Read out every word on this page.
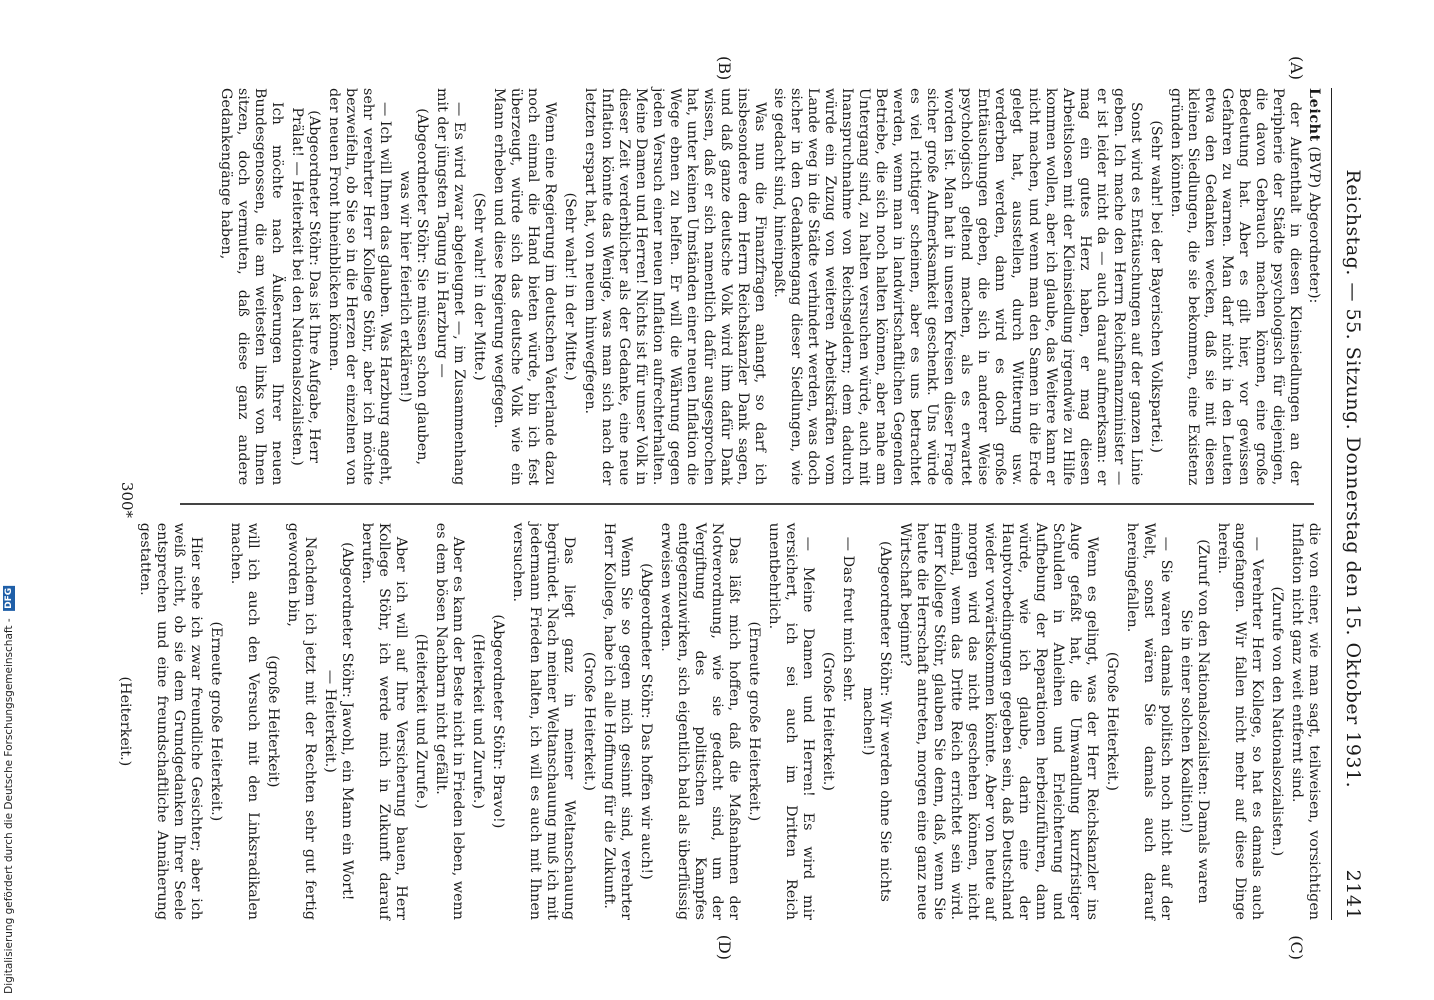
Reichstag. — 55. Sitzung. Donnerstag den 15. Oktober 1931.
2141
(A)
(B)
(C)
(D)

Leicht (BVP) Abgeordneter):

der Aufenthalt in diesen Kleinsiedlungen an der Peripherie der Städte psychologisch für diejenigen, die davon Gebrauch machen können, eine große Bedeutung hat. Aber es gilt hier, vor gewissen Gefahren zu warnen. Man darf nicht in den Leuten etwa den Gedanken wecken, daß sie mit diesen kleinen Siedlungen, die sie bekommen, eine Existenz gründen könnten.

(Sehr wahr! bei der Bayerischen Volkspartei.)

Sonst wird es Enttäuschungen auf der ganzen Linie geben. Ich mache den Herrn Reichsfinanzminister — er ist leider nicht da — auch darauf aufmerksam: er mag ein gutes Herz haben, er mag diesen Arbeitslosen mit der Kleinsiedlung irgendwie zu Hilfe kommen wollen, aber ich glaube, das Weitere kann er nicht machen, und wenn man den Samen in die Erde gelegt hat, ausstellen, durch Witterung usw. verderben werden, dann wird es doch große Enttäuschungen geben, die sich in anderer Weise psychologisch geltend machen, als es erwartet worden ist. Man hat in unseren Kreisen dieser Frage sicher große Aufmerksamkeit geschenkt. Uns würde es viel richtiger scheinen, aber es uns betrachtet werden, wenn man in landwirtschaftlichen Gegenden Betriebe, die sich noch halten können, aber nahe am Untergang sind, zu halten versuchen würde, auch mit Inanspruchnahme von Reichsgeldern; dem dadurch würde ein Zuzug von weiteren Arbeitskräften vom Lande weg in die Städte verhindert werden, was doch sicher in den Gedankengang dieser Siedlungen, wie sie gedacht sind, hineinpaßt.

Was nun die Finanzfragen anlangt, so darf ich insbesondere dem Herrn Reichskanzler Dank sagen, und daß ganze deutsche Volk wird ihm dafür Dank wissen, daß er sich namentlich dafür ausgesprochen hat, unter keinen Umständen einer neuen Inflation die Wege ebnen zu helfen. Er will die Währung gegen jeden Versuch einer neuen Inflation aufrechterhalten. Meine Damen und Herren! Nichts ist für unser Volk in dieser Zeit verderblicher als der Gedanke, eine neue Inflation könnte das Wenige, was man sich nach der letzten erspart hat, von neuem hinwegfegen.

(Sehr wahr! in der Mitte.)

Wenn eine Regierung im deutschen Vaterlande dazu noch einmal die Hand bieten würde, bin ich fest überzeugt, würde sich das deutsche Volk wie ein Mann erheben und diese Regierung wegfegen.

(Sehr wahr! in der Mitte.)

— Es wird zwar abgeleugnet —, im Zusammenhang mit der jüngsten Tagung in Harzburg —

(Abgeordneter Stöhr: Sie müssen schon glauben, was wir hier feierlich erklären!)

— Ich will Ihnen das glauben. Was Harzburg angeht, sehr verehrter Herr Kollege Stöhr, aber ich möchte bezweifeln, ob Sie so in die Herzen der einzelnen von der neuen Front hineinblicken können.

(Abgeordneter Stöhr: Das ist Ihre Aufgabe, Herr Prälat! — Heiterkeit bei den Nationalsozialisten.)

Ich möchte nach Äußerungen Ihrer neuen Bundesgenossen, die am weitesten links von Ihnen sitzen, doch vermuten, daß diese ganz andere Gedankengänge haben,

die von einer, wie man sagt, teilweisen, vorsichtigen Inflation nicht ganz weit entfernt sind.

(Zurufe von den Nationalsozialisten.)

— Verehrter Herr Kollege, so hat es damals auch angefangen. Wir fallen nicht mehr auf diese Dinge herein.

(Zuruf von den Nationalsozialisten: Damals waren Sie in einer solchen Koalition!)

— Sie waren damals politisch noch nicht auf der Welt, sonst wären Sie damals auch darauf hereingefallen.

(Große Heiterkeit.)

Wenn es gelingt, was der Herr Reichskanzler ins Auge gefaßt hat, die Umwandlung kurzfristiger Schulden in Anleihen und Erleichterung und Aufhebung der Reparationen herbeizuführen, dann würde, wie ich glaube, darin eine der Hauptvorbedingungen gegeben sein, daß Deutschland wieder vorwärtskommen könnte. Aber von heute auf morgen wird das nicht geschehen können, nicht einmal, wenn das Dritte Reich errichtet sein wird. Herr Kollege Stöhr, glauben Sie denn, daß, wenn Sie heute die Herrschaft antreten, morgen eine ganz neue Wirtschaft beginnt?

(Abgeordneter Stöhr: Wir werden ohne Sie nichts machen!)

— Das freut mich sehr.

(Große Heiterkeit.)

— Meine Damen und Herren! Es wird mir versichert, ich sei auch im Dritten Reich unentbehrlich.

(Erneute große Heiterkeit.)

Das läßt mich hoffen, daß die Maßnahmen der Notverordnung, wie sie gedacht sind, um der Vergiftung des politischen Kampfes entgegenzuwirken, sich eigentlich bald als überflüssig erweisen werden.

(Abgeordneter Stöhr: Das hoffen wir auch!)

Wenn Sie so gegen mich gesinnt sind, verehrter Herr Kollege, habe ich alle Hoffnung für die Zukunft.

(Große Heiterkeit.)

Das liegt ganz in meiner Weltanschauung begründet. Nach meiner Weltanschauung muß ich mit jedermann Frieden halten, ich will es auch mit Ihnen versuchen.

(Abgeordneter Stöhr: Bravo!)

(Heiterkeit und Zurufe.)

Aber es kann der Beste nicht in Frieden leben, wenn es dem bösen Nachbarn nicht gefällt.

(Heiterkeit und Zurufe.)

Aber ich will auf Ihre Versicherung bauen, Herr Kollege Stöhr, ich werde mich in Zukunft darauf berufen.

(Abgeordneter Stöhr: Jawohl, ein Mann ein Wort! — Heiterkeit.)

Nachdem ich jetzt mit der Rechten sehr gut fertig geworden bin,

(große Heiterkeit)

will ich auch den Versuch mit den Linksradikalen machen.

(Erneute große Heiterkeit.)

Hier sehe ich zwar freundliche Gesichter; aber ich weiß nicht, ob sie dem Grundgedanken Ihrer Seele entsprechen und eine freundschaftliche Annäherung gestatten.

(Heiterkeit.)

300*
Digitalisierung gefördert durch die Deutsche Forschungsgemeinschaft - DFG
